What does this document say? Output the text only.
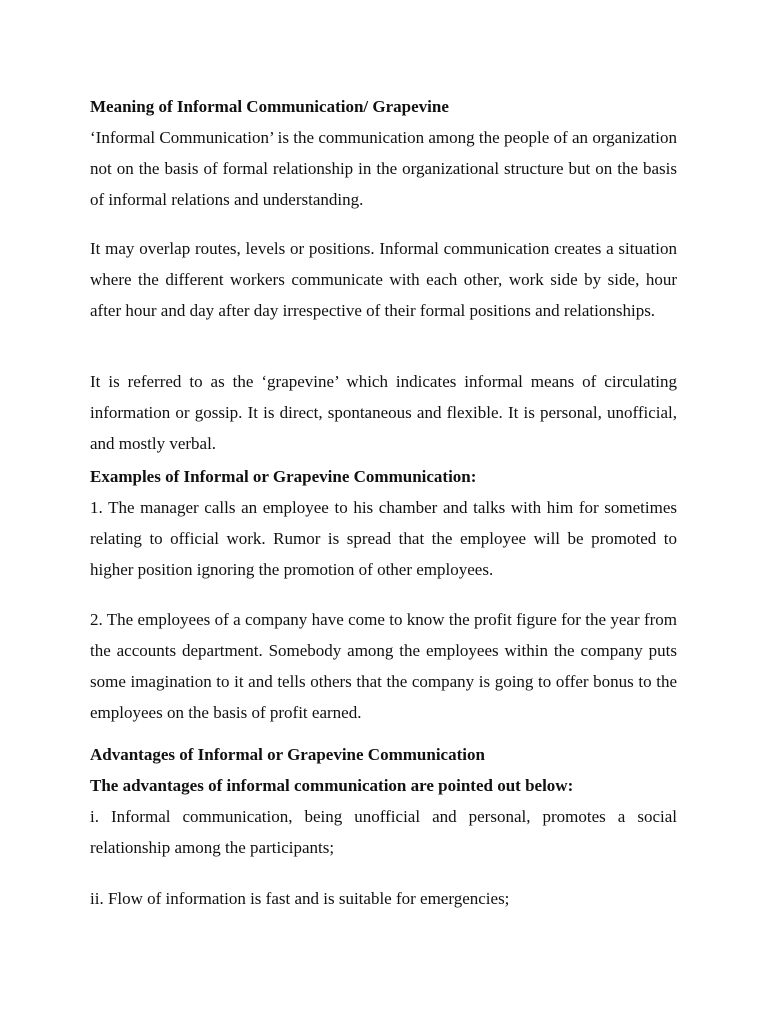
Meaning of Informal Communication/ Grapevine

‘Informal Communication’ is the communication among the people of an organization not on the basis of formal relationship in the organizational structure but on the basis of informal relations and understanding.

It may overlap routes, levels or positions. Informal communication creates a situation where the different workers communicate with each other, work side by side, hour after hour and day after day irrespective of their formal positions and relationships.

It is referred to as the ‘grapevine’ which indicates informal means of circulating information or gossip. It is direct, spontaneous and flexible. It is personal, unofficial, and mostly verbal.

Examples of Informal or Grapevine Communication:

1. The manager calls an employee to his chamber and talks with him for sometimes relating to official work. Rumor is spread that the employee will be promoted to higher position ignoring the promotion of other employees.

2. The employees of a company have come to know the profit figure for the year from the accounts department. Somebody among the employees within the company puts some imagination to it and tells others that the company is going to offer bonus to the employees on the basis of profit earned.

Advantages of Informal or Grapevine Communication

The advantages of informal communication are pointed out below:

i. Informal communication, being unofficial and personal, promotes a social relationship among the participants;

ii. Flow of information is fast and is suitable for emergencies;
